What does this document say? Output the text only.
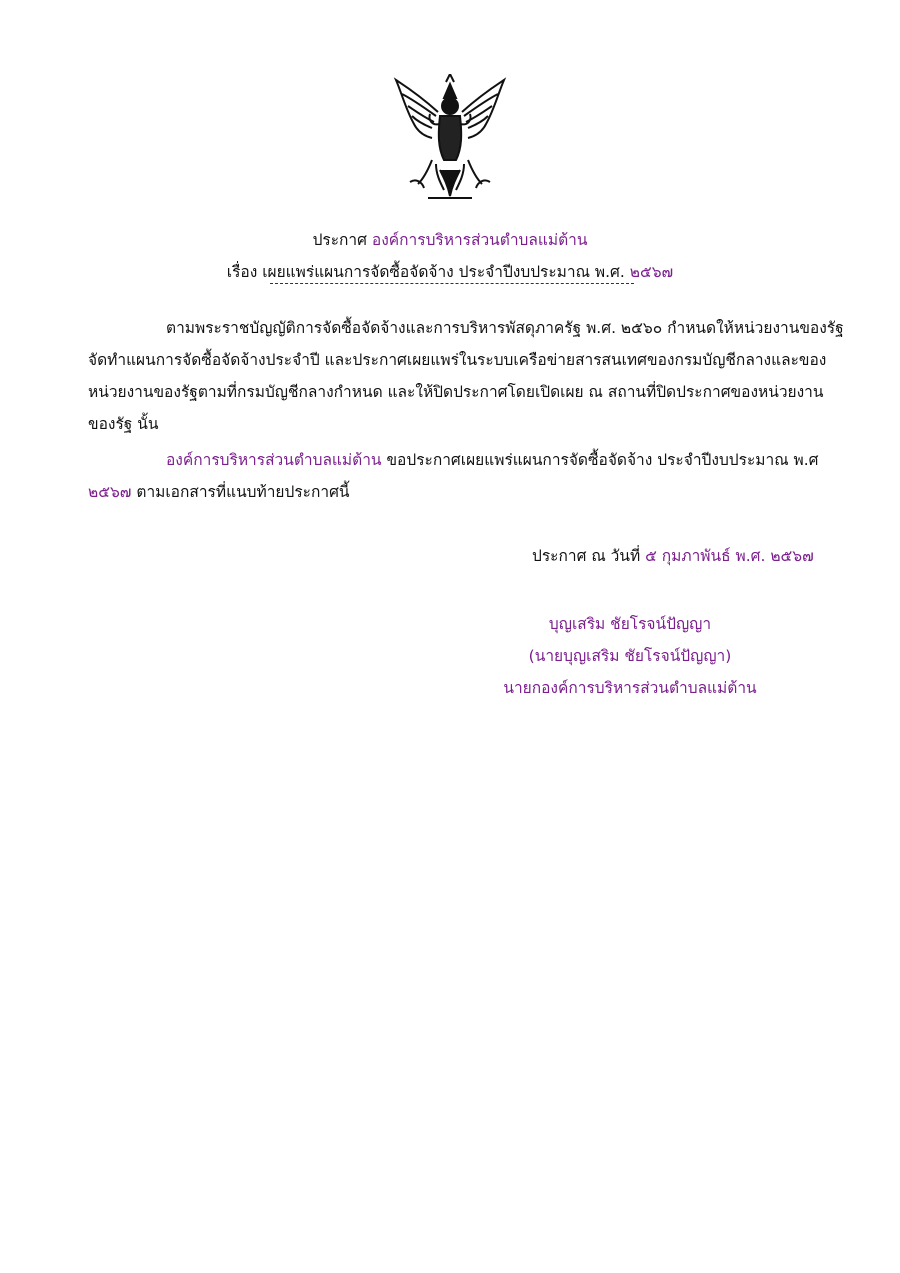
ประกาศ องค์การบริหารส่วนตำบลแม่ต้าน
เรื่อง เผยแพร่แผนการจัดซื้อจัดจ้าง ประจำปีงบประมาณ พ.ศ. ๒๕๖๗
ตามพระราชบัญญัติการจัดซื้อจัดจ้างและการบริหารพัสดุภาครัฐ พ.ศ. ๒๕๖๐ กำหนดให้หน่วยงานของรัฐ
จัดทำแผนการจัดซื้อจัดจ้างประจำปี และประกาศเผยแพร่ในระบบเครือข่ายสารสนเทศของกรมบัญชีกลางและของ
หน่วยงานของรัฐตามที่กรมบัญชีกลางกำหนด และให้ปิดประกาศโดยเปิดเผย ณ สถานที่ปิดประกาศของหน่วยงาน
ของรัฐ นั้น
องค์การบริหารส่วนตำบลแม่ต้าน ขอประกาศเผยแพร่แผนการจัดซื้อจัดจ้าง ประจำปีงบประมาณ พ.ศ
๒๕๖๗ ตามเอกสารที่แนบท้ายประกาศนี้
ประกาศ ณ วันที่ ๕ กุมภาพันธ์ พ.ศ. ๒๕๖๗
บุญเสริม ชัยโรจน์ปัญญา
(นายบุญเสริม ชัยโรจน์ปัญญา)
นายกองค์การบริหารส่วนตำบลแม่ต้าน
